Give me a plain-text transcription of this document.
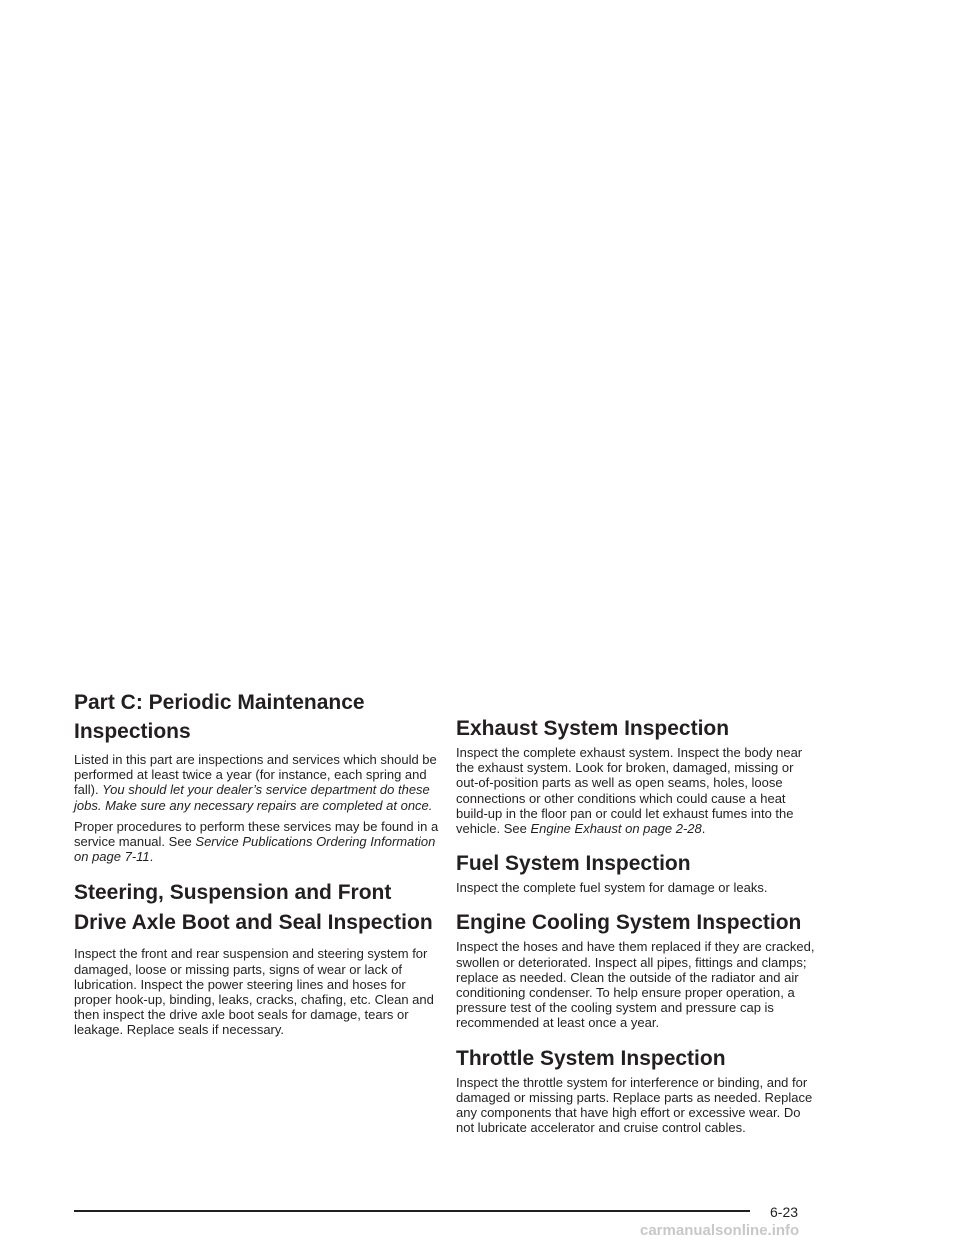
Part C: Periodic Maintenance
Inspections

Listed in this part are inspections and services which should be performed at least twice a year (for instance, each spring and fall). You should let your dealer’s service department do these jobs. Make sure any necessary repairs are completed at once.

Proper procedures to perform these services may be found in a service manual. See Service Publications Ordering Information on page 7-11.

Steering, Suspension and Front
Drive Axle Boot and Seal Inspection

Inspect the front and rear suspension and steering system for damaged, loose or missing parts, signs of wear or lack of lubrication. Inspect the power steering lines and hoses for proper hook-up, binding, leaks, cracks, chafing, etc. Clean and then inspect the drive axle boot seals for damage, tears or leakage. Replace seals if necessary.

Exhaust System Inspection

Inspect the complete exhaust system. Inspect the body near the exhaust system. Look for broken, damaged, missing or out-of-position parts as well as open seams, holes, loose connections or other conditions which could cause a heat build-up in the floor pan or could let exhaust fumes into the vehicle. See Engine Exhaust on page 2-28.

Fuel System Inspection

Inspect the complete fuel system for damage or leaks.

Engine Cooling System Inspection

Inspect the hoses and have them replaced if they are cracked, swollen or deteriorated. Inspect all pipes, fittings and clamps; replace as needed. Clean the outside of the radiator and air conditioning condenser. To help ensure proper operation, a pressure test of the cooling system and pressure cap is recommended at least once a year.

Throttle System Inspection

Inspect the throttle system for interference or binding, and for damaged or missing parts. Replace parts as needed. Replace any components that have high effort or excessive wear. Do not lubricate accelerator and cruise control cables.

6-23
carmanualsonline.info
